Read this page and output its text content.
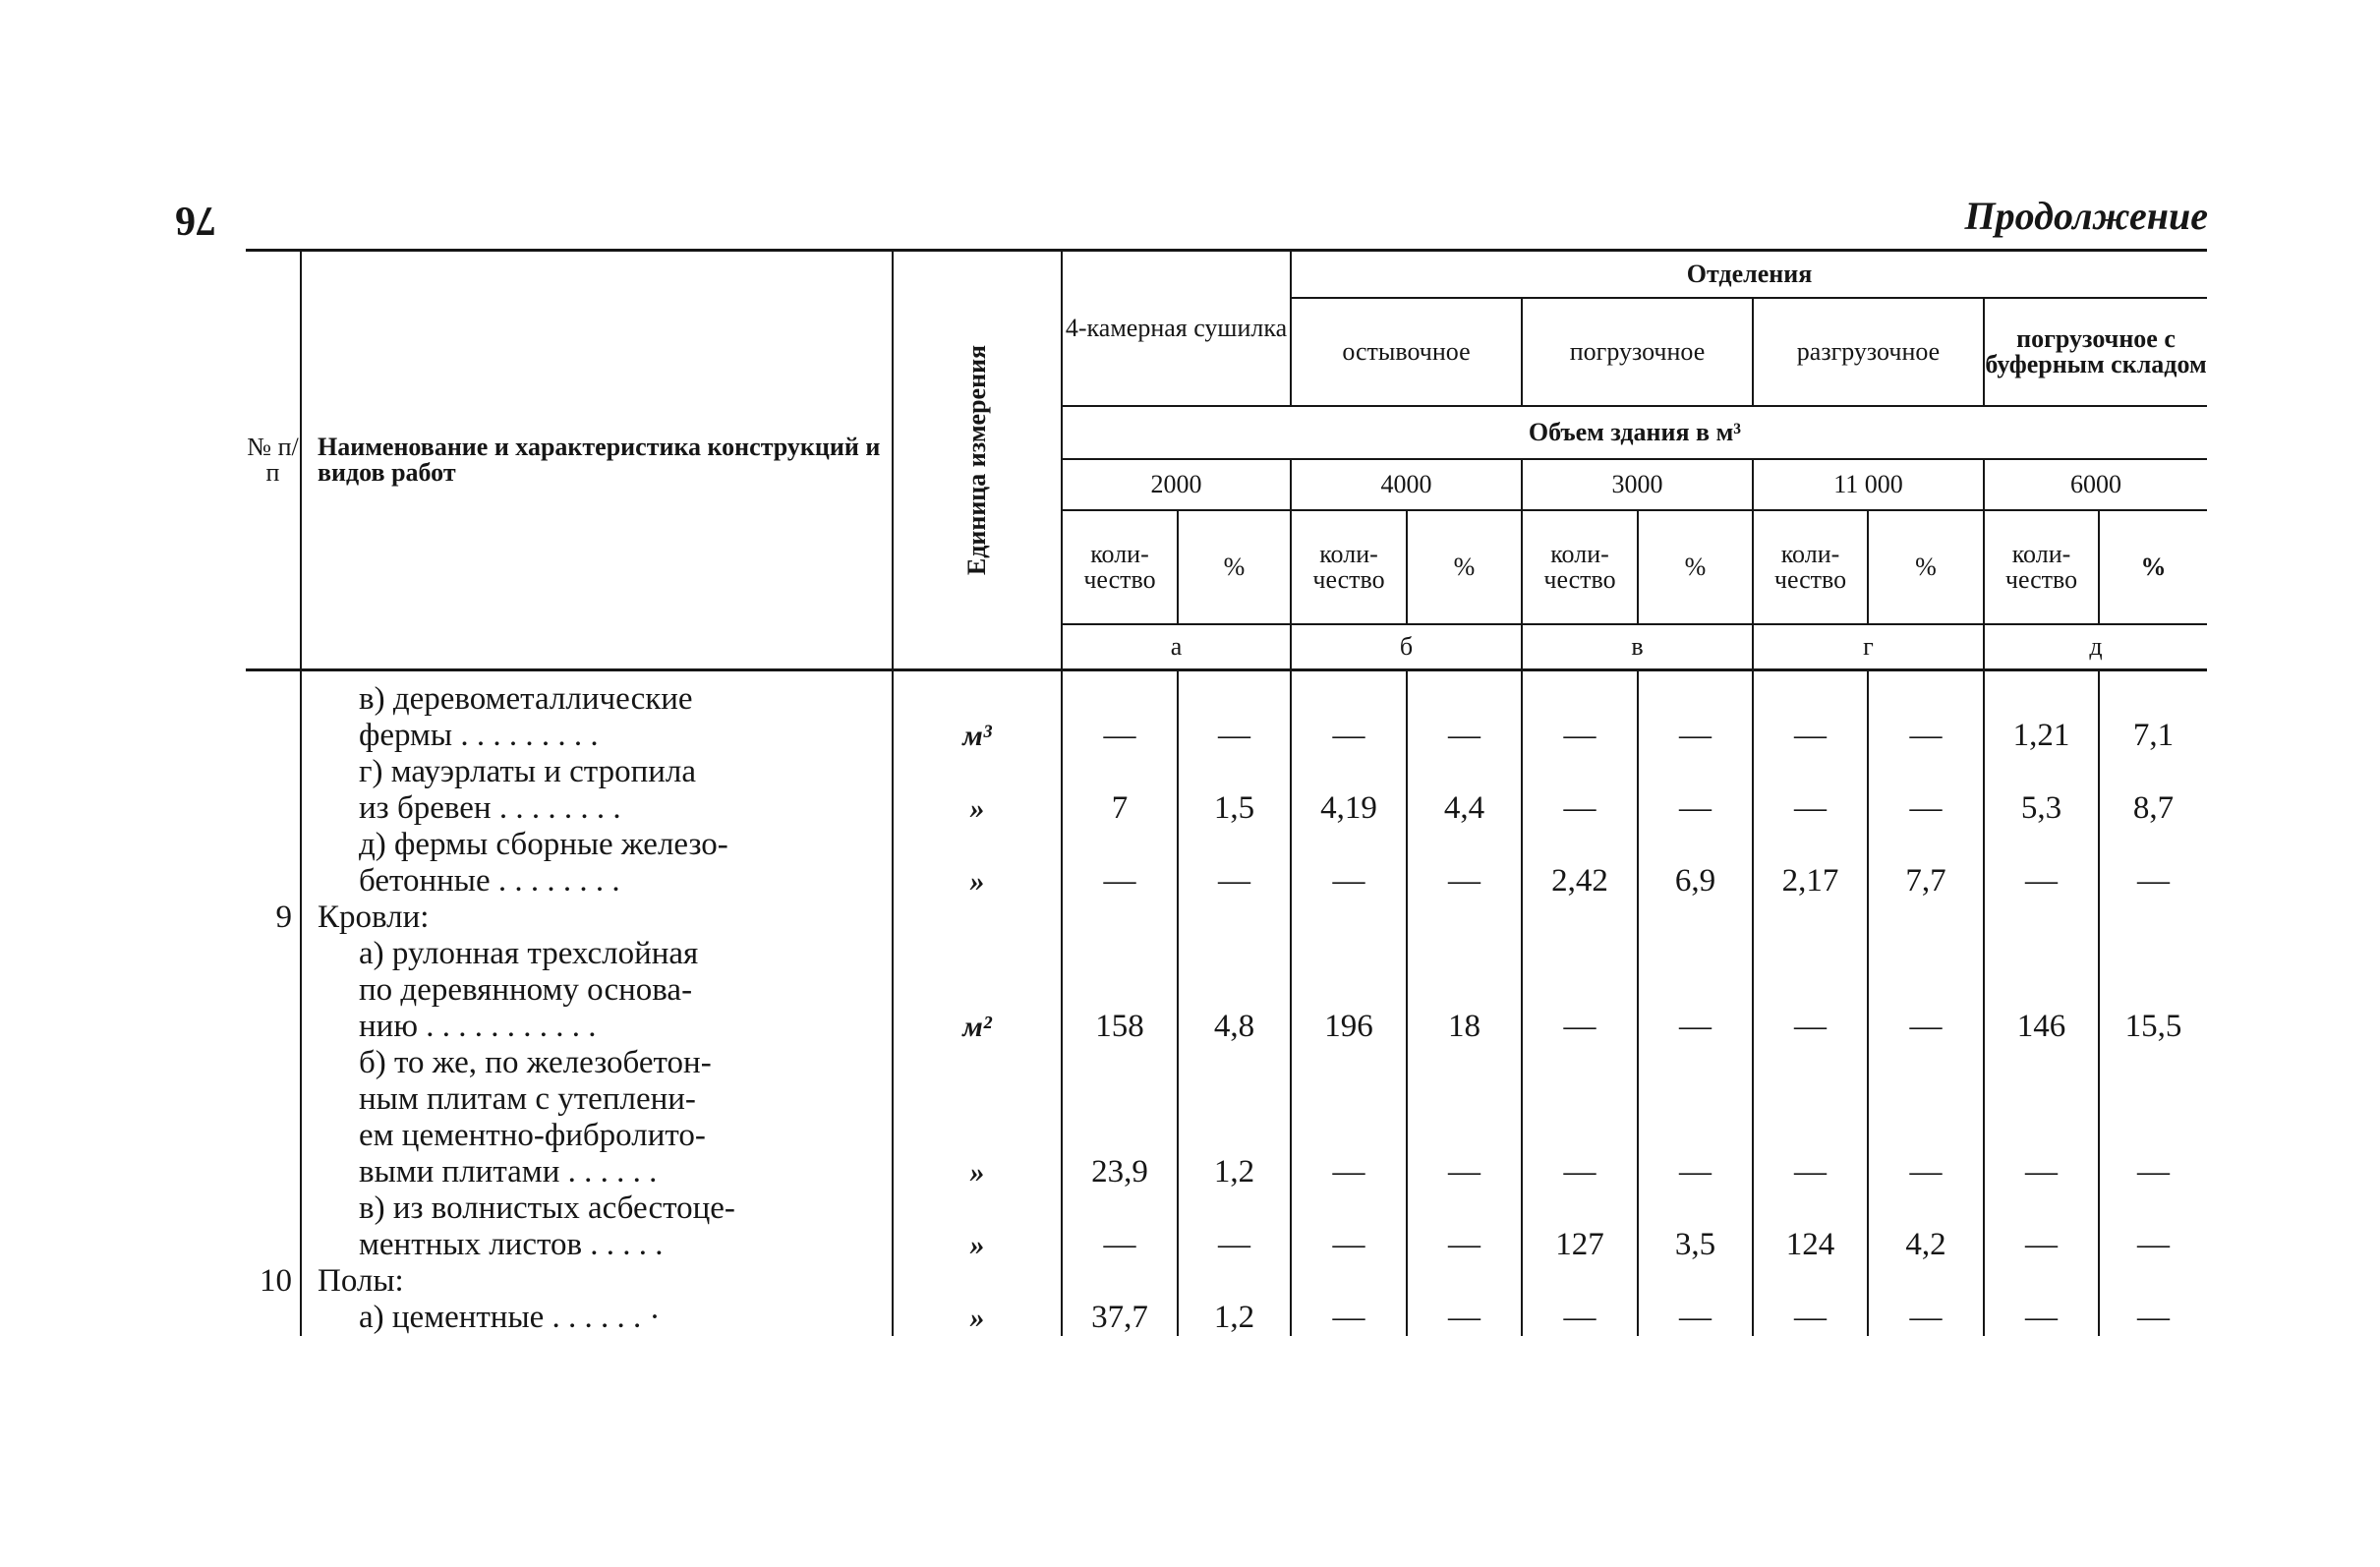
76	Продолжение
№ п/п	Наименование и характеристика конструкций и видов работ	Единица измерения	4-камерная сушилка		Отделения							
					остывочное		погрузочное		разгрузочное		погрузочное с буферным складом	
			Объем здания в м³									
			2000		4000		3000		11 000		6000	
			коли-чество	%	коли-чество	%	коли-чество	%	коли-чество	%	коли-чество	%
			а		б		в		г		д	

	в) деревометаллические
фермы . . . . . . . . .	м³	—	—	—	—	—	—	—	—	1,21	7,1

	г) мауэрлаты и стропила
из бревен . . . . . . . .	»	7	1,5	4,19	4,4	—	—	—	—	5,3	8,7

	д) фермы сборные железо-
бетонные . . . . . . . .	»	—	—	—	—	2,42	6,9	2,17	7,7	—	—
9	Кровли:											

	а) рулонная трехслойная
по деревянному основа-
нию . . . . . . . . . . .	м²	158	4,8	196	18	—	—	—	—	146	15,5

	б) то же, по железобетон-
ным плитам с утеплени-
ем цементно-фибролито-
выми плитами . . . . . .	»	23,9	1,2	—	—	—	—	—	—	—	—

	в) из волнистых асбестоце-
ментных листов . . . . .	»	—	—	—	—	127	3,5	124	4,2	—	—
10	Полы:											

	а) цементные . . . . . . ·	»	37,7	1,2	—	—	—	—	—	—	—	—
